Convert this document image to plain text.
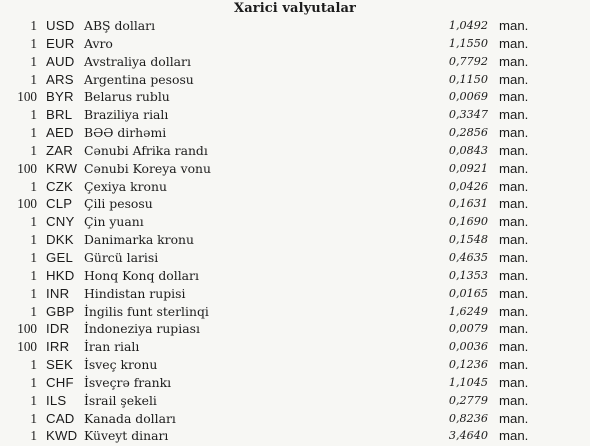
Xarici valyutalar
1 USD ABŞ dolları	1,0492 man.
1 EUR Avro	1,1550 man.
1 AUD Avstraliya dolları	0,7792 man.
1 ARS Argentina pesosu	0,1150 man.
100 BYR Belarus rublu	0,0069 man.
1 BRL Braziliya rialı	0,3347 man.
1 AED BƏƏ dirhəmi	0,2856 man.
1 ZAR Cənubi Afrika randı	0,0843 man.
100 KRW Cənubi Koreya vonu	0,0921 man.
1 CZK Çexiya kronu	0,0426 man.
100 CLP Çili pesosu	0,1631 man.
1 CNY Çin yuanı	0,1690 man.
1 DKK Danimarka kronu	0,1548 man.
1 GEL Gürcü larisi	0,4635 man.
1 HKD Honq Konq dolları	0,1353 man.
1 INR Hindistan rupisi	0,0165 man.
1 GBP İngilis funt sterlinqi	1,6249 man.
100 IDR İndoneziya rupiası	0,0079 man.
100 IRR İran rialı	0,0036 man.
1 SEK İsveç kronu	0,1236 man.
1 CHF İsveçrə frankı	1,1045 man.
1 ILS İsrail şekeli	0,2779 man.
1 CAD Kanada dolları	0,8236 man.
1 KWD Küveyt dinarı	3,4640 man.
